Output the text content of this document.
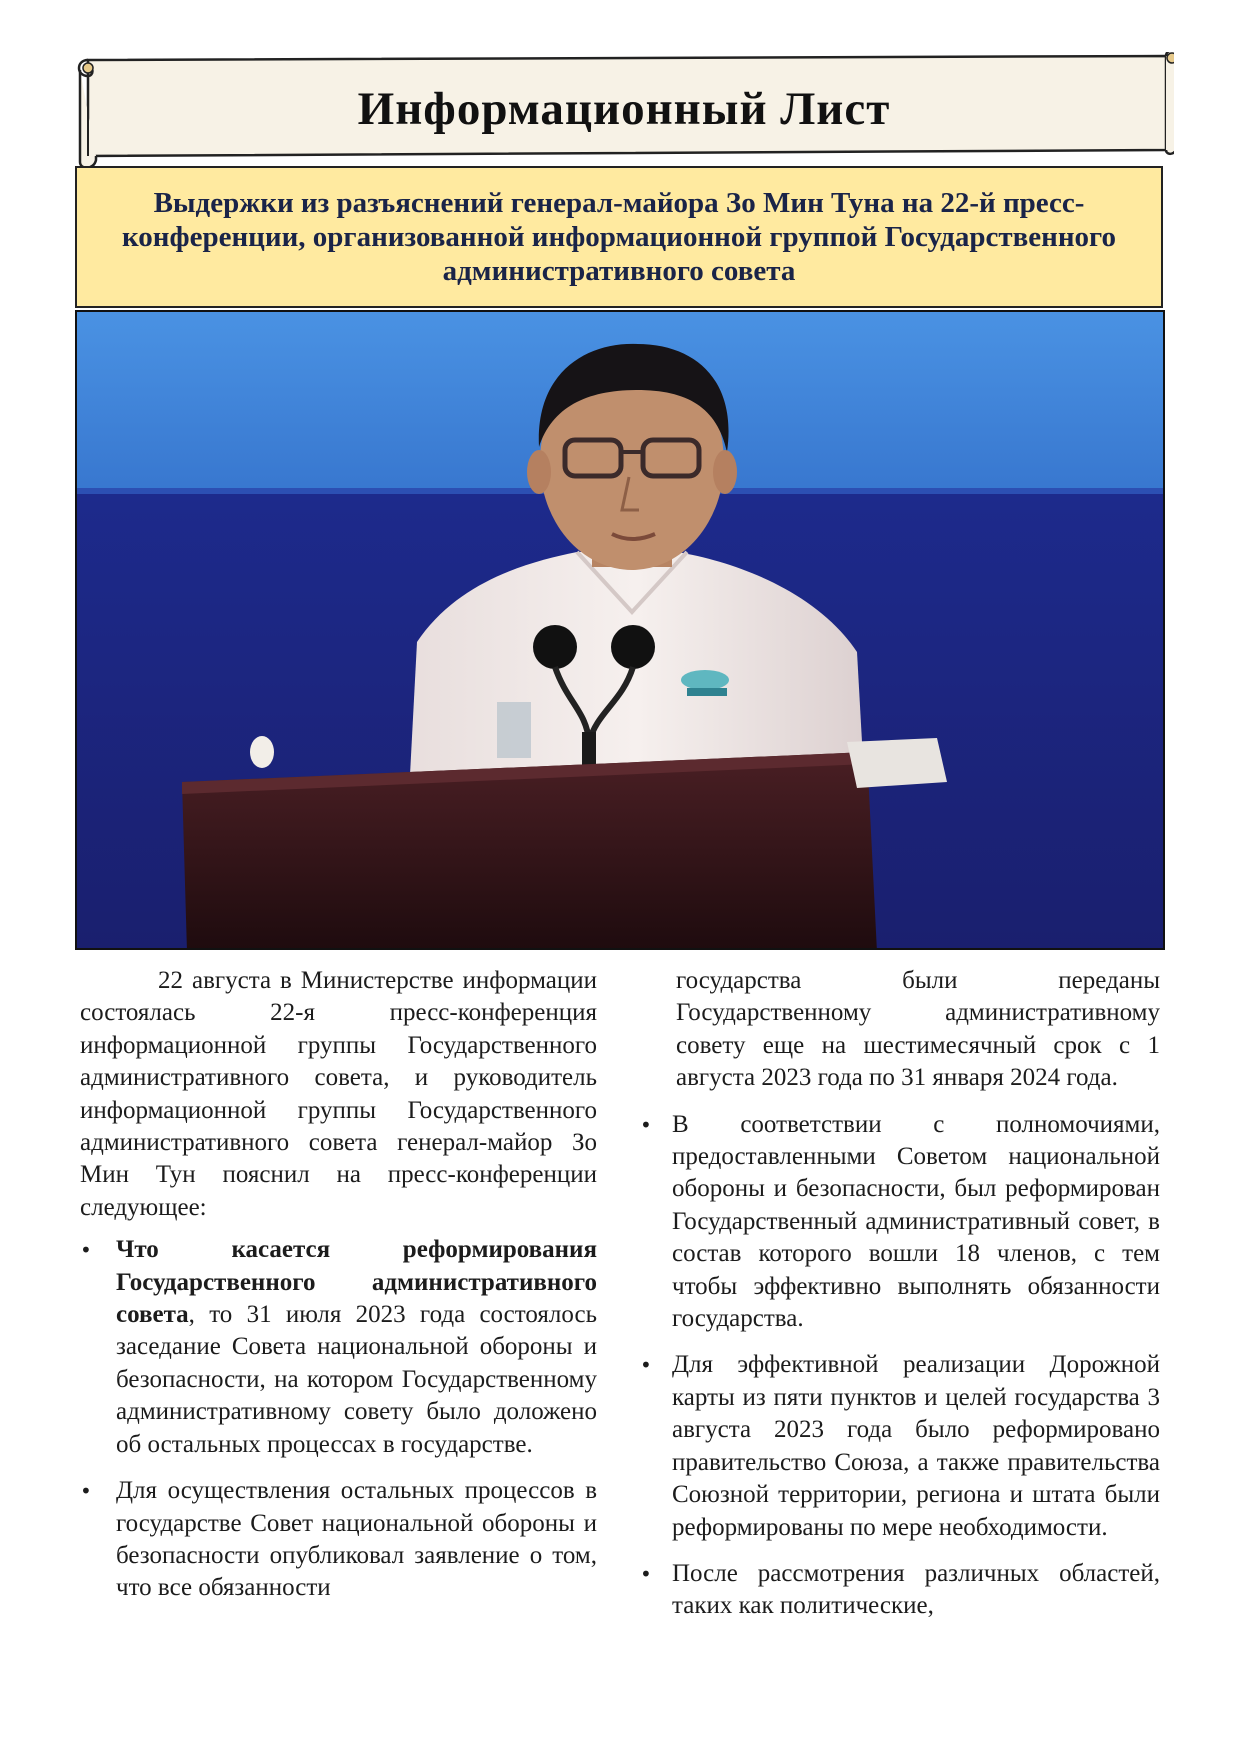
Информационный Лист
Выдержки из разъяснений генерал-майора Зо Мин Туна на 22-й пресс-конференции, организованной информационной группой Государственного административного совета

22 августа в Министерстве информации состоялась 22-я пресс-конференция информационной группы Государственного административного совета, и руководитель информационной группы Государственного административного совета генерал-майор Зо Мин Тун пояснил на пресс-конференции следующее:

• Что касается реформирования Государственного административного совета, то 31 июля 2023 года состоялось заседание Совета национальной обороны и безопасности, на котором Государственному административному совету было доложено об остальных процессах в государстве.
• Для осуществления остальных процессов в государстве Совет национальной обороны и безопасности опубликовал заявление о том, что все обязанности

государства были переданы Государственному административному совету еще на шестимесячный срок с 1 августа 2023 года по 31 января 2024 года.

• В соответствии с полномочиями, предоставленными Советом национальной обороны и безопасности, был реформирован Государственный административный совет, в состав которого вошли 18 членов, с тем чтобы эффективно выполнять обязанности государства.
• Для эффективной реализации Дорожной карты из пяти пунктов и целей государства 3 августа 2023 года было реформировано правительство Союза, а также правительства Союзной территории, региона и штата были реформированы по мере необходимости.
• После рассмотрения различных областей, таких как политические,
